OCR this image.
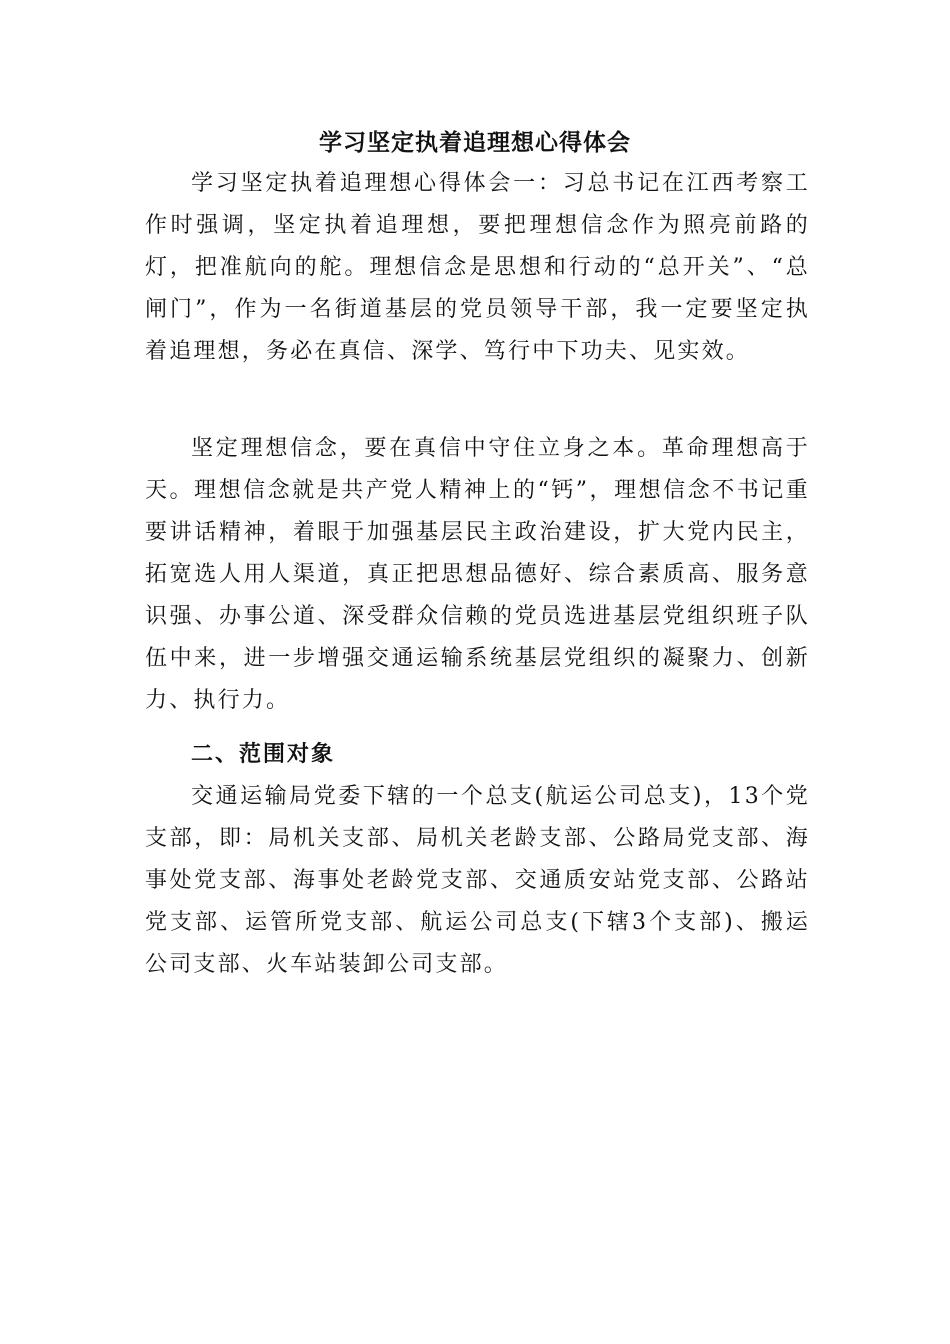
学习坚定执着追理想心得体会

学习坚定执着追理想心得体会一：习总书记在江西考察工作时强调，坚定执着追理想，要把理想信念作为照亮前路的灯，把准航向的舵。理想信念是思想和行动的“总开关”、“总闸门”，作为一名街道基层的党员领导干部，我一定要坚定执着追理想，务必在真信、深学、笃行中下功夫、见实效。

坚定理想信念，要在真信中守住立身之本。革命理想高于天。理想信念就是共产党人精神上的“钙”，理想信念不书记重要讲话精神，着眼于加强基层民主政治建设，扩大党内民主，拓宽选人用人渠道，真正把思想品德好、综合素质高、服务意识强、办事公道、深受群众信赖的党员选进基层党组织班子队伍中来，进一步增强交通运输系统基层党组织的凝聚力、创新力、执行力。

二、范围对象

交通运输局党委下辖的一个总支(航运公司总支)，13个党支部，即：局机关支部、局机关老龄支部、公路局党支部、海事处党支部、海事处老龄党支部、交通质安站党支部、公路站党支部、运管所党支部、航运公司总支(下辖3个支部)、搬运公司支部、火车站装卸公司支部。
